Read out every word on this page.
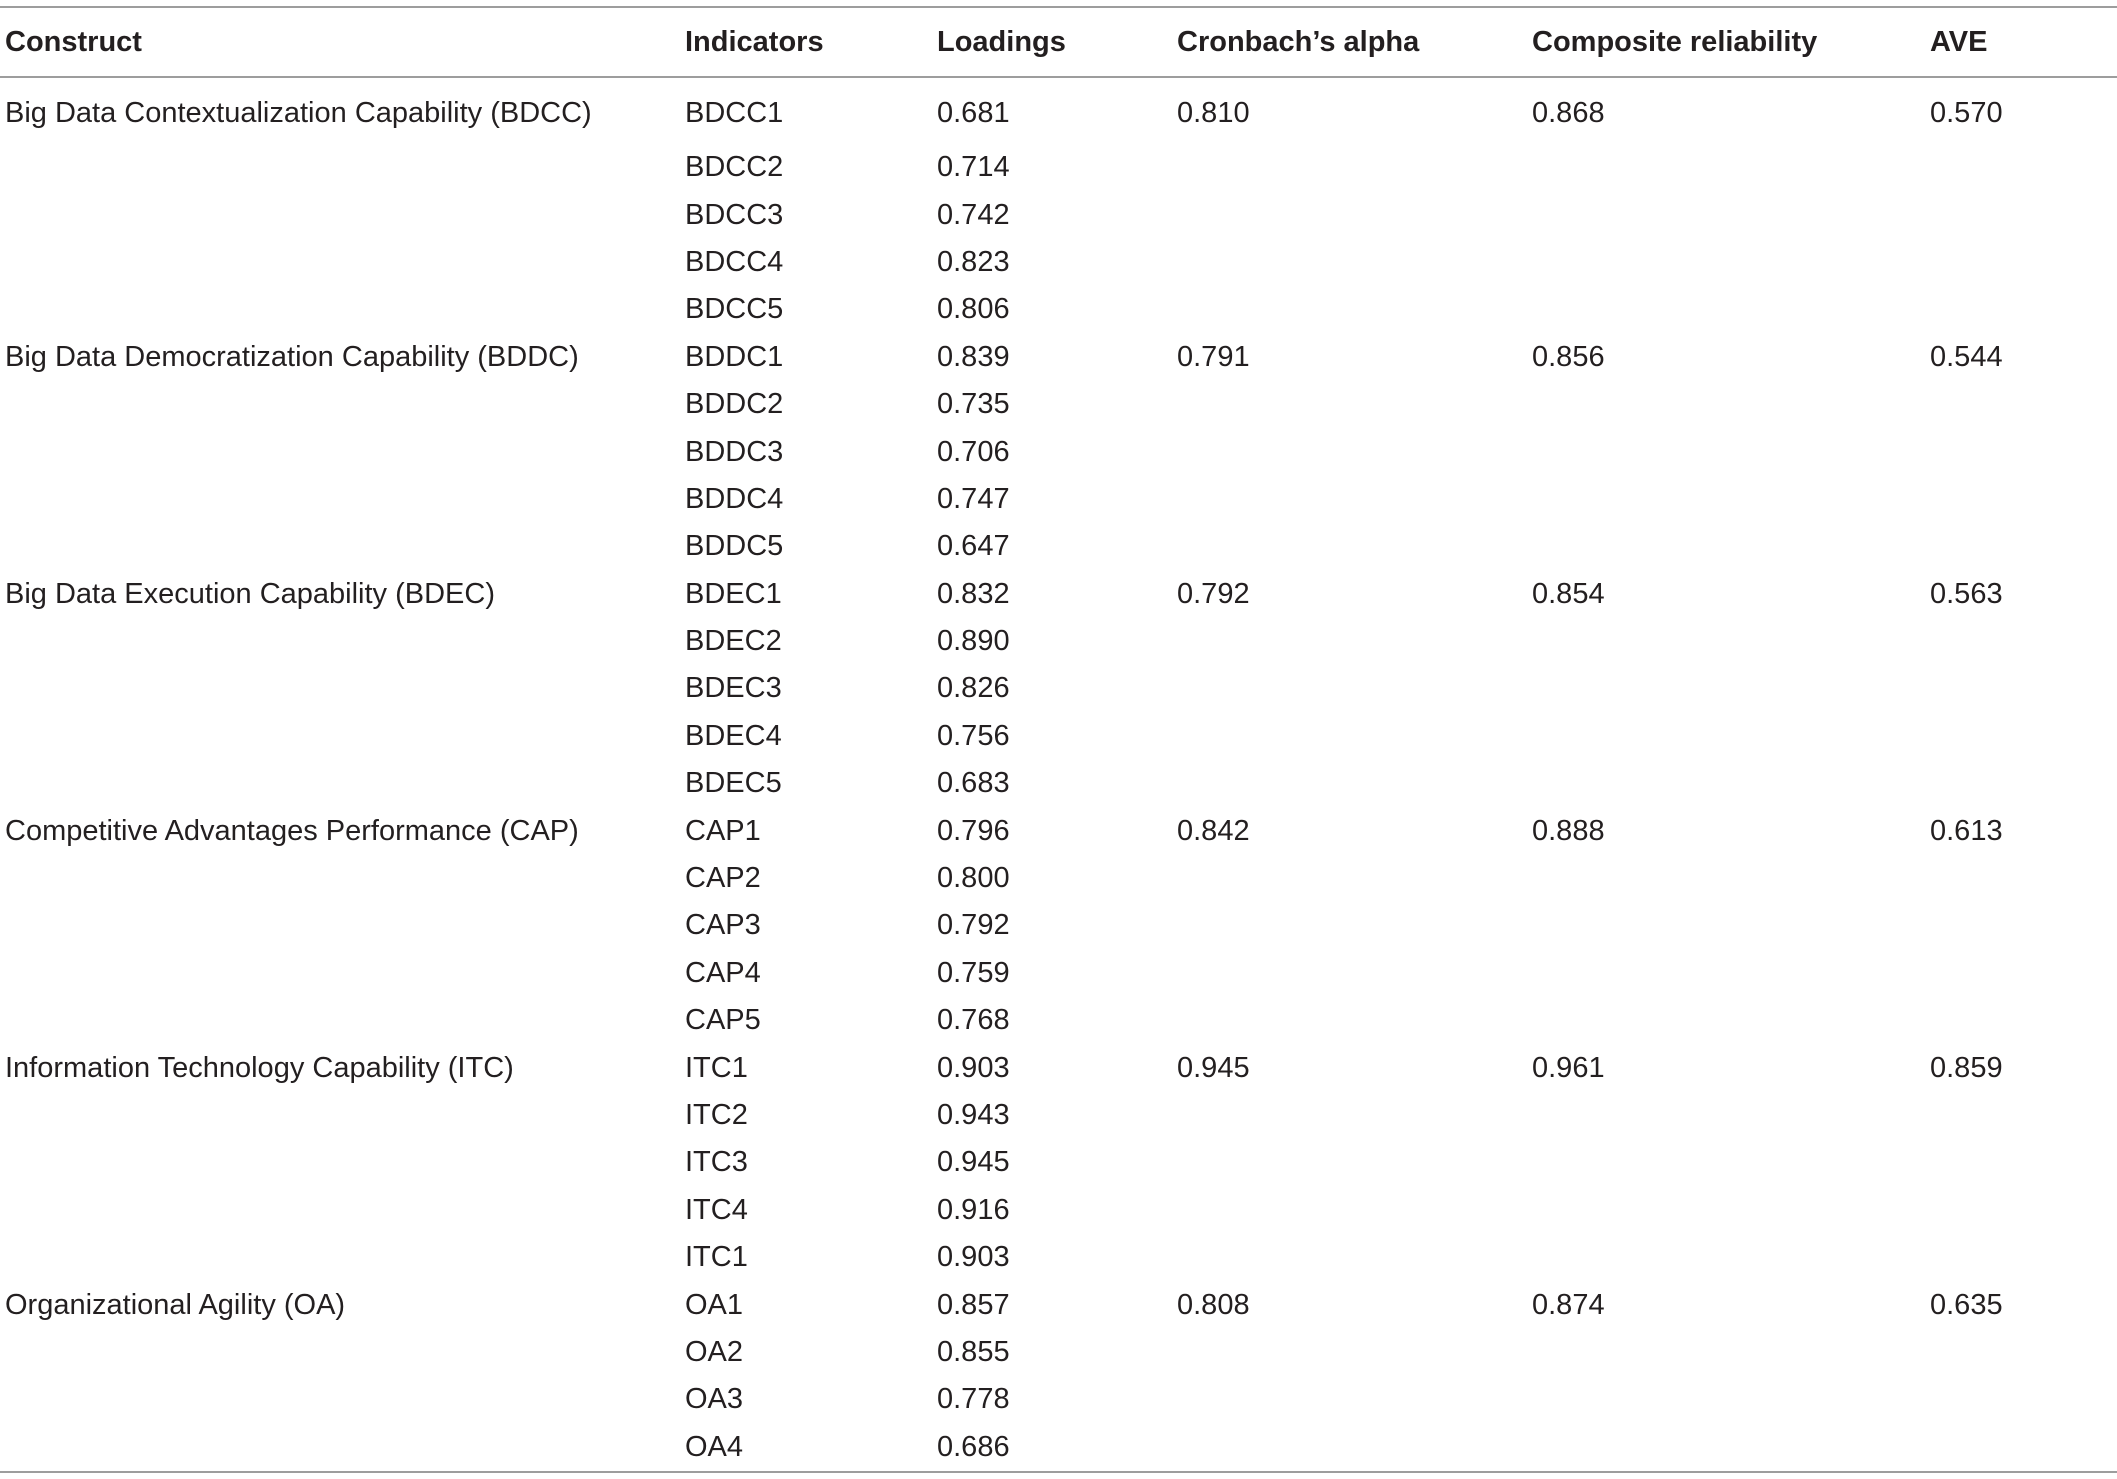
Construct	Indicators	Loadings	Cronbach’s alpha	Composite reliability	AVE
Big Data Contextualization Capability (BDCC)	BDCC1	0.681	0.810	0.868	0.570
	BDCC2	0.714			
	BDCC3	0.742			
	BDCC4	0.823			
	BDCC5	0.806			
Big Data Democratization Capability (BDDC)	BDDC1	0.839	0.791	0.856	0.544
	BDDC2	0.735			
	BDDC3	0.706			
	BDDC4	0.747			
	BDDC5	0.647			
Big Data Execution Capability (BDEC)	BDEC1	0.832	0.792	0.854	0.563
	BDEC2	0.890			
	BDEC3	0.826			
	BDEC4	0.756			
	BDEC5	0.683			
Competitive Advantages Performance (CAP)	CAP1	0.796	0.842	0.888	0.613
	CAP2	0.800			
	CAP3	0.792			
	CAP4	0.759			
	CAP5	0.768			
Information Technology Capability (ITC)	ITC1	0.903	0.945	0.961	0.859
	ITC2	0.943			
	ITC3	0.945			
	ITC4	0.916			
	ITC1	0.903			
Organizational Agility (OA)	OA1	0.857	0.808	0.874	0.635
	OA2	0.855			
	OA3	0.778			
	OA4	0.686			
